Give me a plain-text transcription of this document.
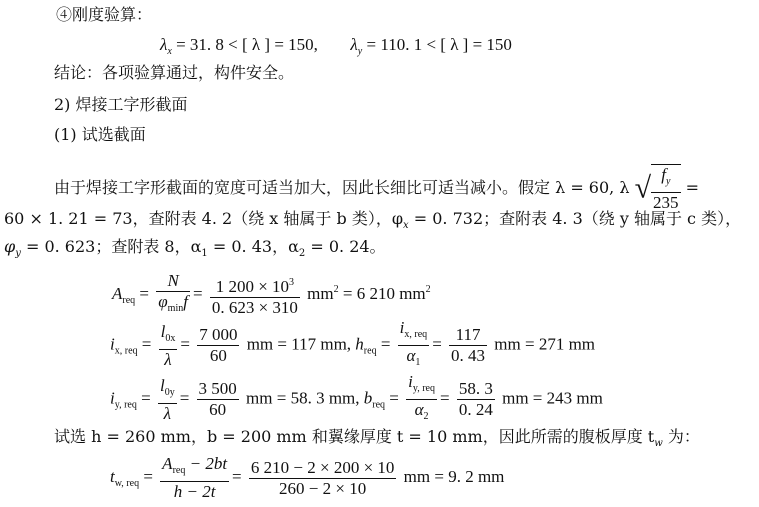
④刚度验算：
$\lambda_x = 31$. 8 < [ λ ] = 150, $\lambda_y = 110$. 1 < [ λ ] = 150
结论：各项验算通过，构件安全。
2) 焊接工字形截面
(1) 试选截面
由于焊接工字形截面的宽度可适当加大，因此长细比可适当减小。假定 λ = 60, λ √ $\frac{f_y}{235}$ =
60 × 1. 21 = 73，查附表 4. 2（绕 x 轴属于 b 类），$\varphi_x = 0$. 732；查附表 4. 3（绕 y 轴属于 c 类），
$\varphi_y = 0$. 623；查附表 8，$\alpha_1 = 0$. 43，$\alpha_2 = 0$. 24。
$A_{req} = \frac{N}{\varphi_{min}f} = \frac{1 200 \times 10^3}{0. 623 \times 310} mm^2 = 6$ 210 $mm^2$
$i_{x, req} = \frac{l_{0x}}{\lambda} = \frac{7 000}{60}$ mm = 117 mm, $h_{req} = \frac{i_{x, req}}{\alpha_1} = \frac{117}{0. 43}$ mm = 271 mm
$i_{y, req} = \frac{l_{0y}}{\lambda} = \frac{3 500}{60}$ mm = 58. 3 mm, $b_{req} = \frac{i_{y, req}}{\alpha_2} = \frac{58. 3}{0. 24}$ mm = 243 mm
试选 h = 260 mm，b = 200 mm 和翼缘厚度 t = 10 mm，因此所需的腹板厚度 $t_w$ 为：
$t_{w, req} = \frac{A_{req} - 2bt}{h - 2t} = \frac{6 210 - 2 \times 200 \times 10}{260 - 2 \times 10}$ mm = 9. 2 mm
